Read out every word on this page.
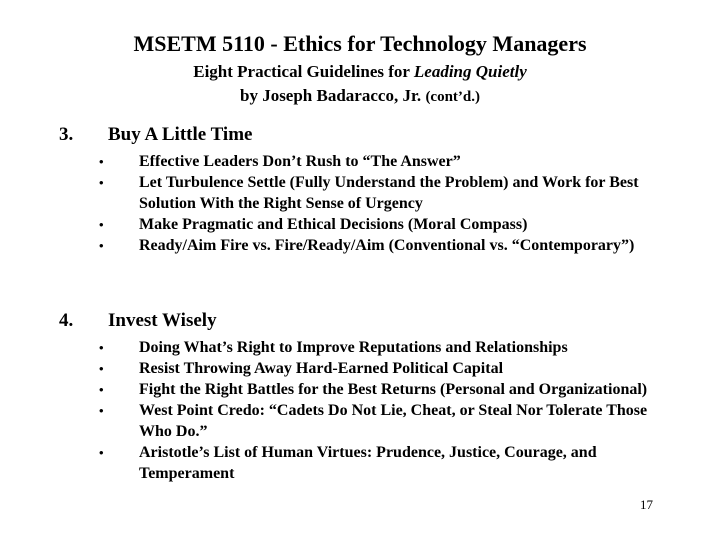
MSETM 5110 - Ethics for Technology Managers
Eight Practical Guidelines for Leading Quietly
by Joseph Badaracco, Jr. (cont’d.)
3. Buy A Little Time
• Effective Leaders Don’t Rush to “The Answer”
• Let Turbulence Settle (Fully Understand the Problem) and Work for Best Solution With the Right Sense of Urgency
• Make Pragmatic and Ethical Decisions (Moral Compass)
• Ready/Aim Fire vs. Fire/Ready/Aim (Conventional vs. “Contemporary”)
4. Invest Wisely
• Doing What’s Right to Improve Reputations and Relationships
• Resist Throwing Away Hard-Earned Political Capital
• Fight the Right Battles for the Best Returns (Personal and Organizational)
• West Point Credo: “Cadets Do Not Lie, Cheat, or Steal Nor Tolerate Those Who Do.”
• Aristotle’s List of Human Virtues: Prudence, Justice, Courage, and Temperament
17
